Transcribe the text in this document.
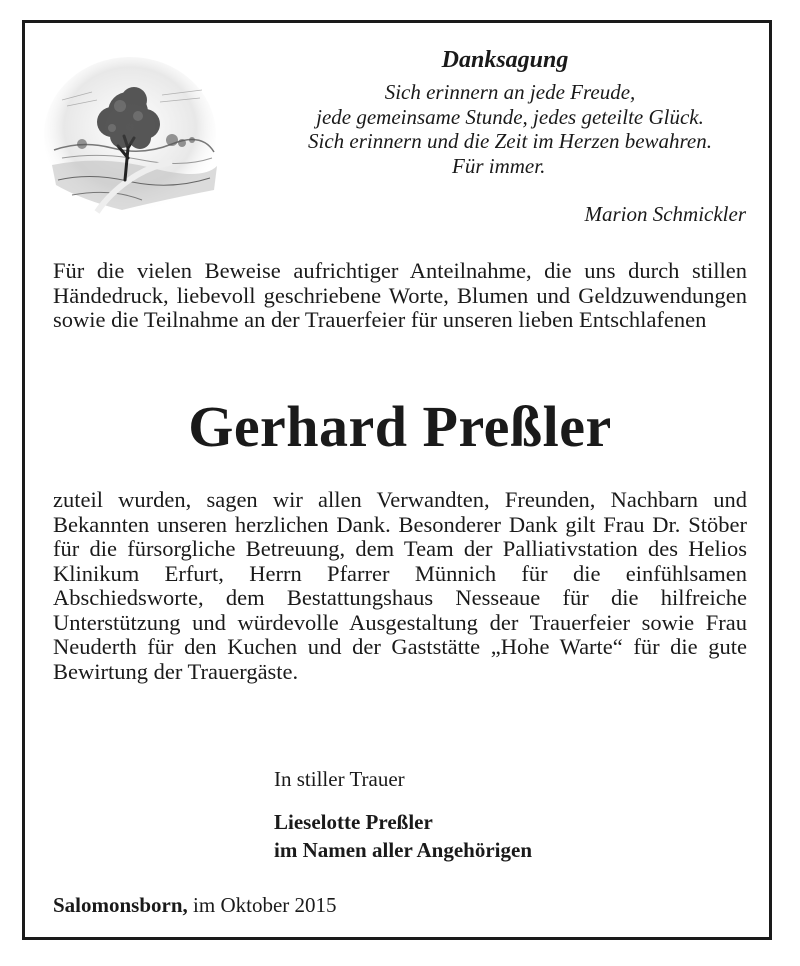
Danksagung
Sich erinnern an jede Freude,
jede gemeinsame Stunde, jedes geteilte Glück.
Sich erinnern und die Zeit im Herzen bewahren.
Für immer.
Marion Schmickler
Für die vielen Beweise aufrichtiger Anteilnahme, die uns durch stillen Händedruck, liebevoll geschriebene Worte, Blumen und Geldzuwendungen sowie die Teilnahme an der Trauerfeier für unseren lieben Entschlafenen
Gerhard Preßler
zuteil wurden, sagen wir allen Verwandten, Freunden, Nachbarn und Bekannten unseren herzlichen Dank. Besonderer Dank gilt Frau Dr. Stöber für die fürsorgliche Betreuung, dem Team der Palliativstation des Helios Klinikum Erfurt, Herrn Pfarrer Münnich für die einfühlsamen Abschiedsworte, dem Bestattungshaus Nesseaue für die hilfreiche Unterstützung und würdevolle Ausgestaltung der Trauerfeier sowie Frau Neuderth für den Kuchen und der Gaststätte „Hohe Warte“ für die gute Bewirtung der Trauergäste.
In stiller Trauer
Lieselotte Preßler
im Namen aller Angehörigen
Salomonsborn, im Oktober 2015
